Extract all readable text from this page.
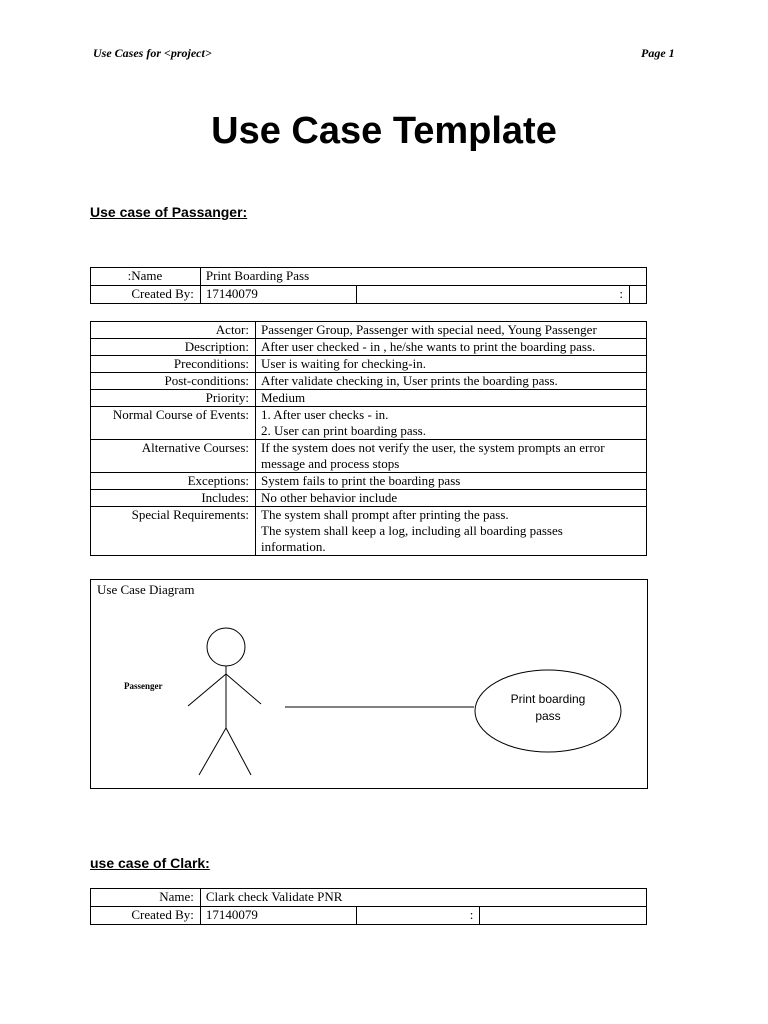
Use Cases for <project>	Page 1
Use Case Template
Use case of Passanger:
:Name	Print Boarding Pass		
Created By:	17140079	:	
Actor:	Passenger Group, Passenger with special need, Young Passenger

Description:	After user checked - in , he/she wants to print the boarding pass.

Preconditions:	User is waiting for checking-in.

Post-conditions:	After validate checking in, User prints the boarding pass.

Priority:	Medium

Normal Course of Events:	1. After user checks - in.
2. User can print boarding pass.

Alternative Courses:	If the system does not verify the user, the system prompts an error
message and process stops

Exceptions:	System fails to print the boarding pass

Includes:	No other behavior include

Special Requirements:	The system shall prompt after printing the pass.
The system shall keep a log, including all boarding passes
information.
Use Case Diagram
Passenger
Print boarding
pass
use case of Clark:
Name:	Clark check Validate PNR		
Created By:	17140079	:	
